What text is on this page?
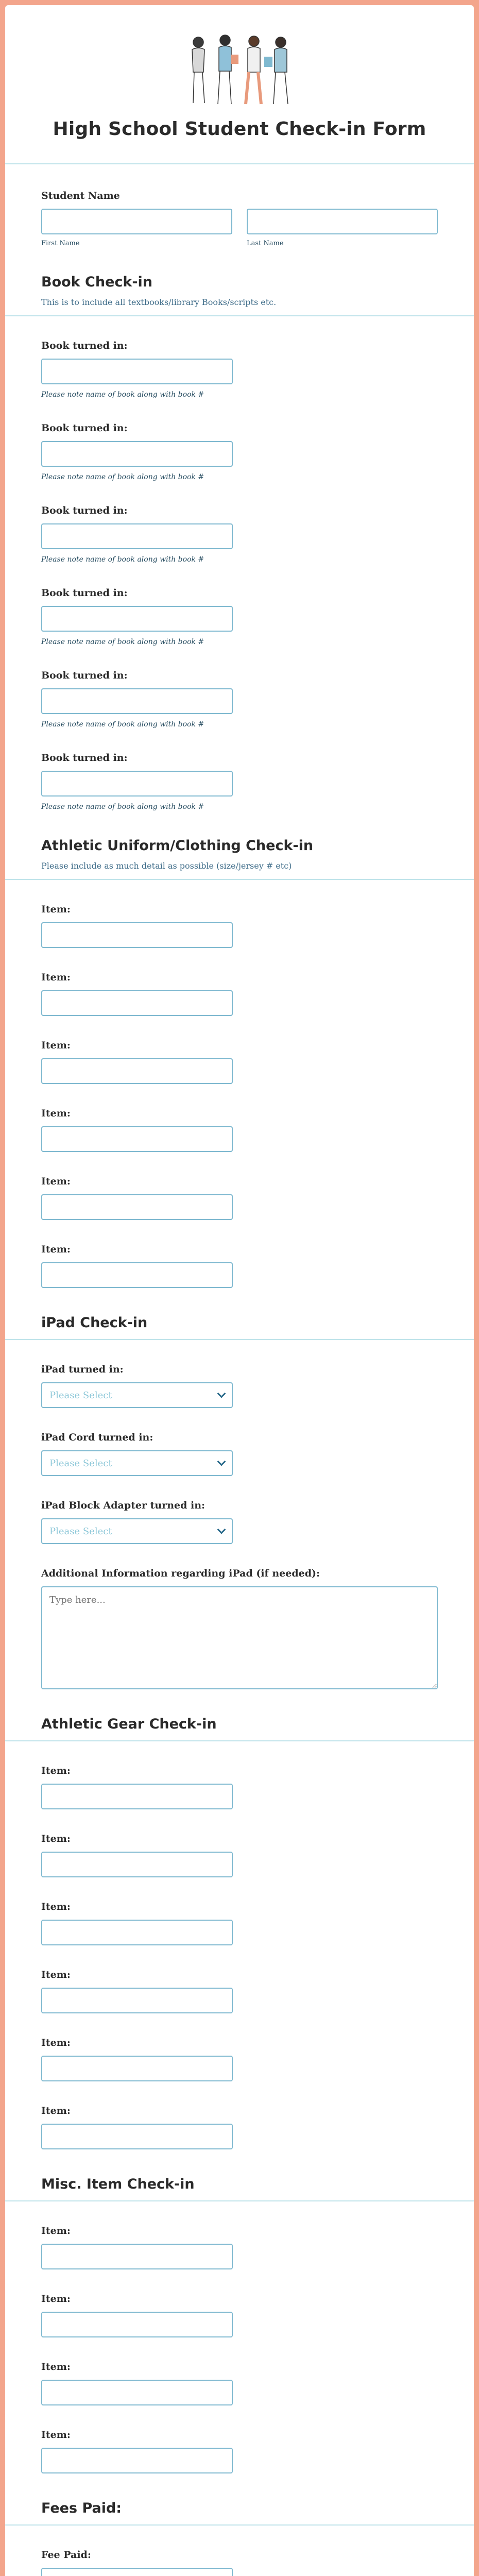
High School Student Check-in Form
Student Name
First Name	Last Name
Book Check-in
This is to include all textbooks/library Books/scripts etc.
Book turned in:
Please note name of book along with book #
Book turned in:
Please note name of book along with book #
Book turned in:
Please note name of book along with book #
Book turned in:
Please note name of book along with book #
Book turned in:
Please note name of book along with book #
Book turned in:
Please note name of book along with book #
Athletic Uniform/Clothing Check-in
Please include as much detail as possible (size/jersey # etc)
Item:
Item:
Item:
Item:
Item:
Item:
iPad Check-in
iPad turned in:
Please Select
iPad Cord turned in:
Please Select
iPad Block Adapter turned in:
Please Select
Additional Information regarding iPad (if needed):
Type here...
Athletic Gear Check-in
Item:
Item:
Item:
Item:
Item:
Item:
Misc. Item Check-in
Item:
Item:
Item:
Item:
Fees Paid:
Fee Paid:
